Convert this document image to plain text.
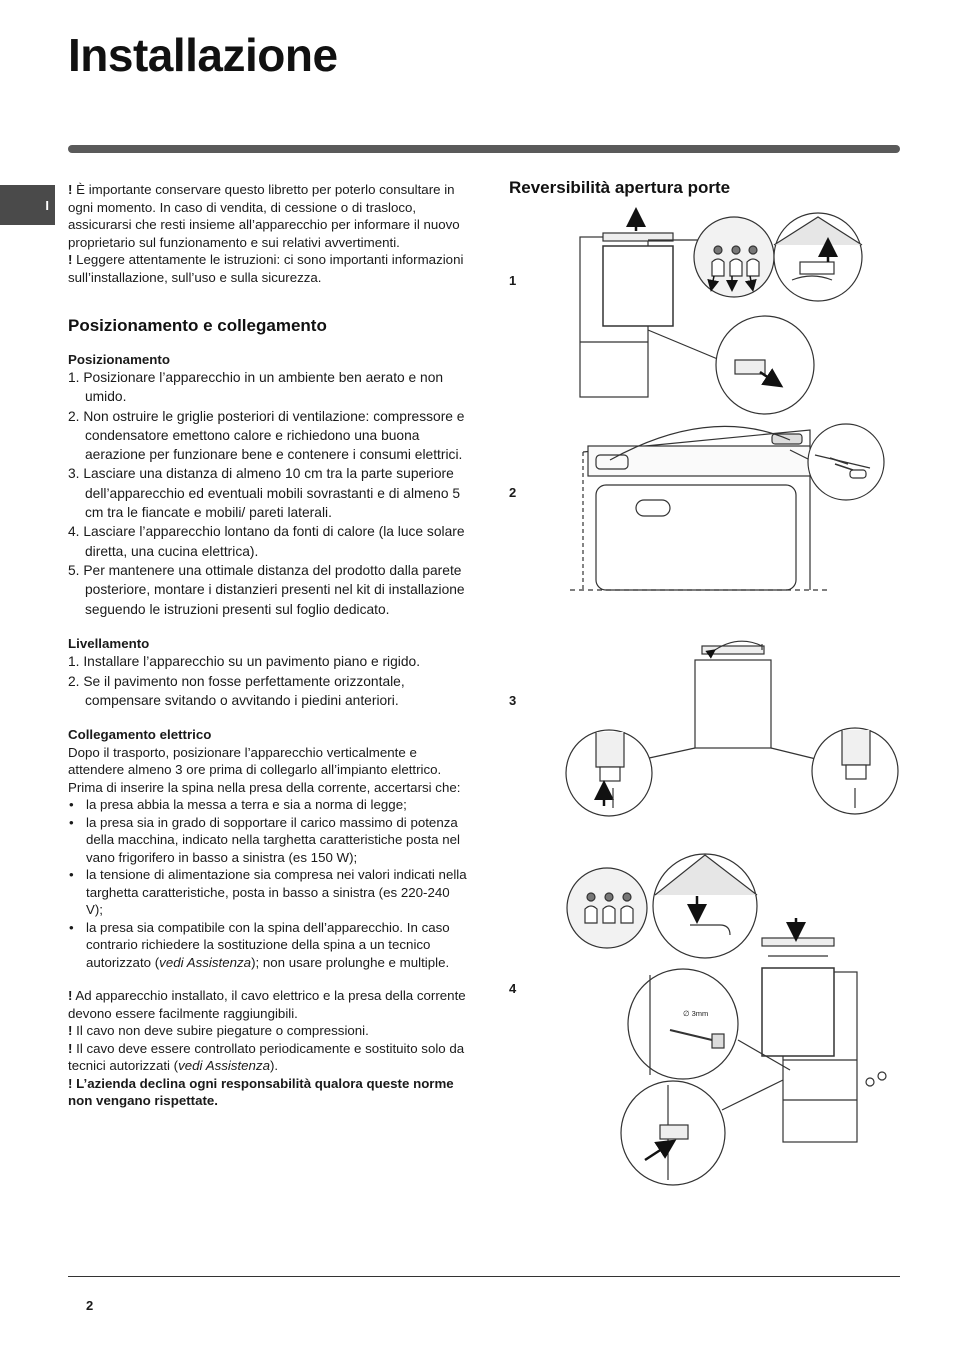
Installazione
I

! È importante conservare questo libretto per poterlo consultare in ogni momento. In caso di vendita, di cessione o di trasloco, assicurarsi che resti insieme all’apparecchio per informare il nuovo proprietario sul funzionamento e sui relativi avvertimenti.

! Leggere attentamente le istruzioni: ci sono importanti informazioni sull’installazione, sull’uso e sulla sicurezza.

Posizionamento e collegamento

Posizionamento

1. Posizionare l’apparecchio in un ambiente ben aerato e non umido.
2. Non ostruire le griglie posteriori di ventilazione: compressore e condensatore emettono calore e richiedono una buona aerazione per funzionare bene e contenere i consumi elettrici.
3. Lasciare una distanza di almeno 10 cm tra la parte superiore dell’apparecchio ed eventuali mobili sovrastanti e di almeno 5 cm tra le fiancate e mobili/ pareti laterali.
4. Lasciare l’apparecchio lontano da fonti di calore (la luce solare diretta, una cucina elettrica).
5. Per mantenere una ottimale distanza del prodotto dalla parete posteriore, montare i distanzieri presenti nel kit di installazione seguendo le istruzioni presenti sul foglio dedicato.

Livellamento

1. Installare l’apparecchio su un pavimento piano e rigido.
2. Se il pavimento non fosse perfettamente orizzontale, compensare svitando o avvitando i piedini anteriori.

Collegamento elettrico

Dopo il trasporto, posizionare l’apparecchio verticalmente e attendere almeno 3 ore prima di collegarlo all’impianto elettrico. Prima di inserire la spina nella presa della corrente, accertarsi che:

• la presa abbia la messa a terra e sia a norma di legge;
• la presa sia in grado di sopportare il carico massimo di potenza della macchina, indicato nella targhetta caratteristiche posta nel vano frigorifero in basso a sinistra (es 150 W);
• la tensione di alimentazione sia compresa nei valori indicati nella targhetta caratteristiche, posta in basso a sinistra (es 220-240 V);
• la presa sia compatibile con la spina dell’apparecchio. In caso contrario richiedere la sostituzione della spina a un tecnico autorizzato (vedi Assistenza); non usare prolunghe e multiple.

! Ad apparecchio installato, il cavo elettrico e la presa della corrente devono essere facilmente raggiungibili.

! Il cavo non deve subire piegature o compressioni.

! Il cavo deve essere controllato periodicamente e sostituito solo da tecnici autorizzati (vedi Assistenza).

! L’azienda declina ogni responsabilità qualora queste norme non vengano rispettate.

Reversibilità apertura porte
1
2
3
4
∅ 3mm
2
